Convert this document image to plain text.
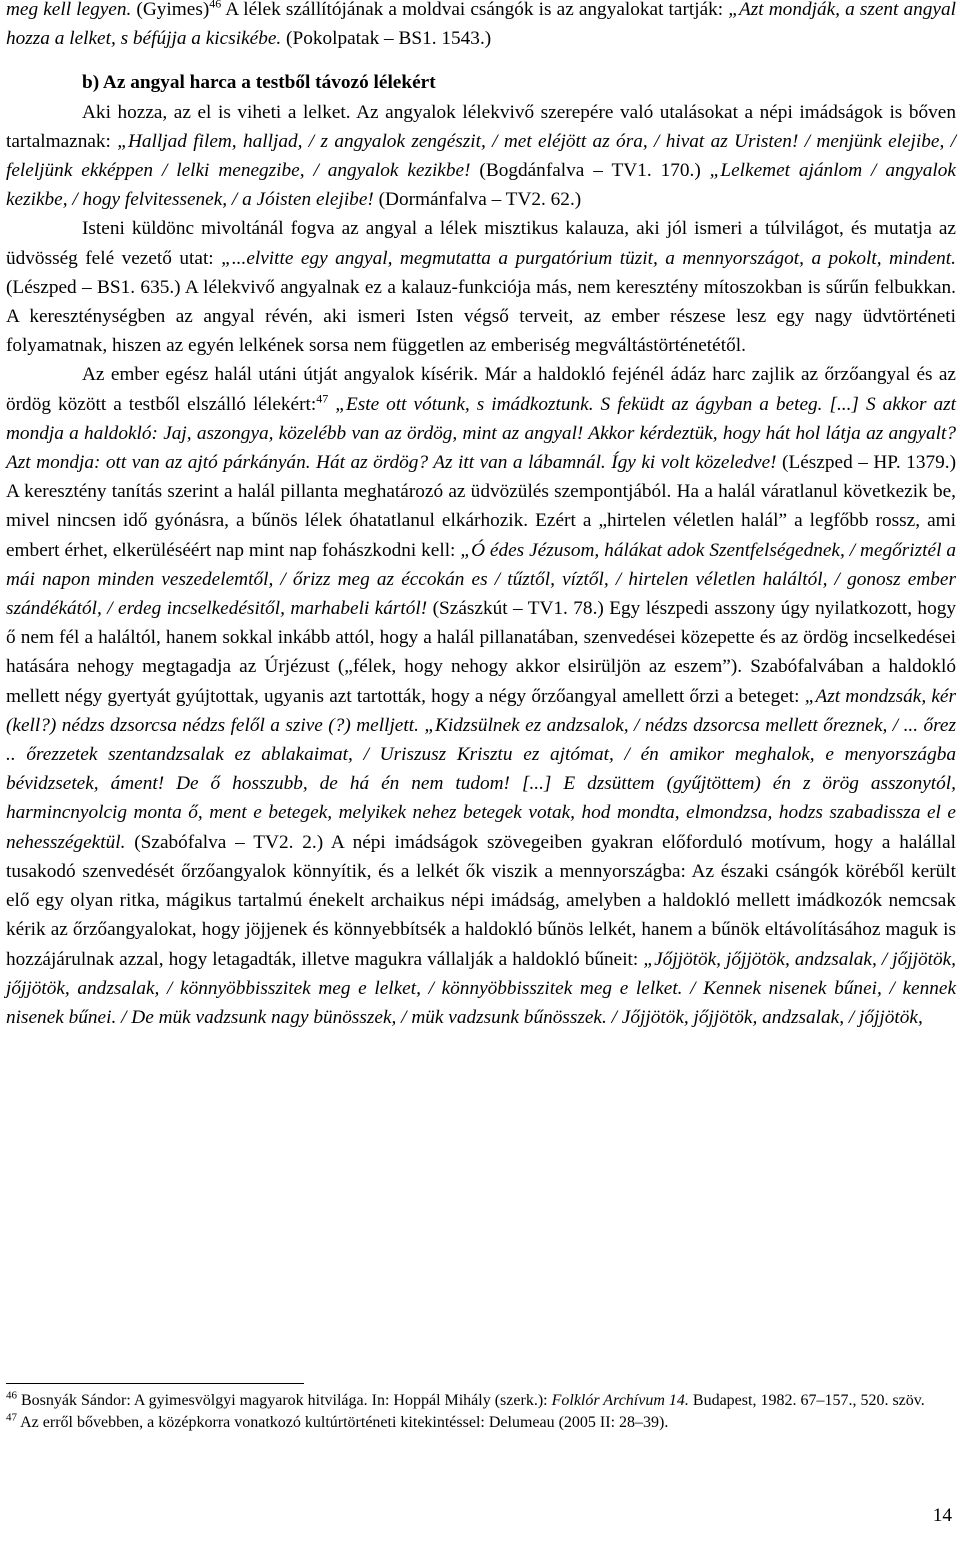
meg kell legyen. (Gyimes)$^{46}$ A lélek szállítójának a moldvai csángók is az angyalokat tartják: „Azt mondják, a szent angyal hozza a lelket, s béfújja a kicsikébe. (Pokolpatak – BS1. 1543.)

b) Az angyal harca a testből távozó lélekért

Aki hozza, az el is viheti a lelket. Az angyalok lélekvivő szerepére való utalásokat a népi imádságok is bőven tartalmaznak: „Halljad filem, halljad, / z angyalok zengészit, / met eléjött az óra, / hivat az Uristen! / menjünk elejibe, / feleljünk ekképpen / lelki menegzibe, / angyalok kezikbe! (Bogdánfalva – TV1. 170.) „Lelkemet ajánlom / angyalok kezikbe, / hogy felvitessenek, / a Jóisten elejibe! (Dormánfalva – TV2. 62.)

Isteni küldönc mivoltánál fogva az angyal a lélek misztikus kalauza, aki jól ismeri a túlvilágot, és mutatja az üdvösség felé vezető utat: „...elvitte egy angyal, megmutatta a purgatórium tüzit, a mennyországot, a pokolt, mindent. (Lészped – BS1. 635.) A lélekvivő angyalnak ez a kalauz-funkciója más, nem keresztény mítoszokban is sűrűn felbukkan. A kereszténységben az angyal révén, aki ismeri Isten végső terveit, az ember részese lesz egy nagy üdvtörténeti folyamatnak, hiszen az egyén lelkének sorsa nem független az emberiség megváltástörténetétől.

Az ember egész halál utáni útját angyalok kísérik. Már a haldokló fejénél ádáz harc zajlik az őrzőangyal és az ördög között a testből elszálló lélekért:$^{47}$ „Este ott vótunk, s imádkoztunk. S feküdt az ágyban a beteg. [...] S akkor azt mondja a haldokló: Jaj, aszongya, közelébb van az ördög, mint az angyal! Akkor kérdeztük, hogy hát hol látja az angyalt? Azt mondja: ott van az ajtó párkányán. Hát az ördög? Az itt van a lábamnál. Így ki volt közeledve! (Lészped – HP. 1379.) A keresztény tanítás szerint a halál pillanta meghatározó az üdvözülés szempontjából. Ha a halál váratlanul következik be, mivel nincsen idő gyónásra, a bűnös lélek óhatatlanul elkárhozik. Ezért a „hirtelen véletlen halál” a legfőbb rossz, ami embert érhet, elkerüléséért nap mint nap fohászkodni kell: „Ó édes Jézusom, hálákat adok Szentfelségednek, / megőriztél a mái napon minden veszedelemtől, / őrizz meg az éccokán es / tűztől, víztől, / hirtelen véletlen haláltól, / gonosz ember szándékától, / erdeg incselkedésitől, marhabeli kártól! (Szászkút – TV1. 78.) Egy lészpedi asszony úgy nyilatkozott, hogy ő nem fél a haláltól, hanem sokkal inkább attól, hogy a halál pillanatában, szenvedései közepette és az ördög incselkedései hatására nehogy megtagadja az Úrjézust („félek, hogy nehogy akkor elsirüljön az eszem”). Szabófalvában a haldokló mellett négy gyertyát gyújtottak, ugyanis azt tartották, hogy a négy őrzőangyal amellett őrzi a beteget: „Azt mondzsák, kér (kell?) nédzs dzsorcsa nédzs felől a szive (?) melljett. „Kidzsülnek ez andzsalok, / nédzs dzsorcsa mellett őreznek, / ... őrez .. őrezzetek szentandzsalak ez ablakaimat, / Uriszusz Krisztu ez ajtómat, / én amikor meghalok, e menyországba bévidzsetek, áment! De ő hosszubb, de há én nem tudom! [...] E dzsüttem (gyűjtöttem) én z örög asszonytól, harmincnyolcig monta ő, ment e betegek, melyikek nehez betegek votak, hod mondta, elmondzsa, hodzs szabadissza el e nehesszégektül. (Szabófalva – TV2. 2.) A népi imádságok szövegeiben gyakran előforduló motívum, hogy a halállal tusakodó szenvedését őrzőangyalok könnyítik, és a lelkét ők viszik a mennyországba: Az északi csángók köréből került elő egy olyan ritka, mágikus tartalmú énekelt archaikus népi imádság, amelyben a haldokló mellett imádkozók nemcsak kérik az őrzőangyalokat, hogy jöjjenek és könnyebbítsék a haldokló bűnös lelkét, hanem a bűnök eltávolításához maguk is hozzájárulnak azzal, hogy letagadták, illetve magukra vállalják a haldokló bűneit: „Jőjjötök, jőjjötök, andzsalak, / jőjjötök, jőjjötök, andzsalak, / könnyöbbisszitek meg e lelket, / könnyöbbisszitek meg e lelket. / Kennek nisenek bűnei, / kennek nisenek bűnei. / De mük vadzsunk nagy bünösszek, / mük vadzsunk bűnösszek. / Jőjjötök, jőjjötök, andzsalak, / jőjjötök,

$^{46}$ Bosnyák Sándor: A gyimesvölgyi magyarok hitvilága. In: Hoppál Mihály (szerk.): Folklór Archívum 14. Budapest, 1982. 67–157., 520. szöv.

$^{47}$ Az erről bővebben, a középkorra vonatkozó kultúrtörténeti kitekintéssel: Delumeau (2005 II: 28–39).

14
